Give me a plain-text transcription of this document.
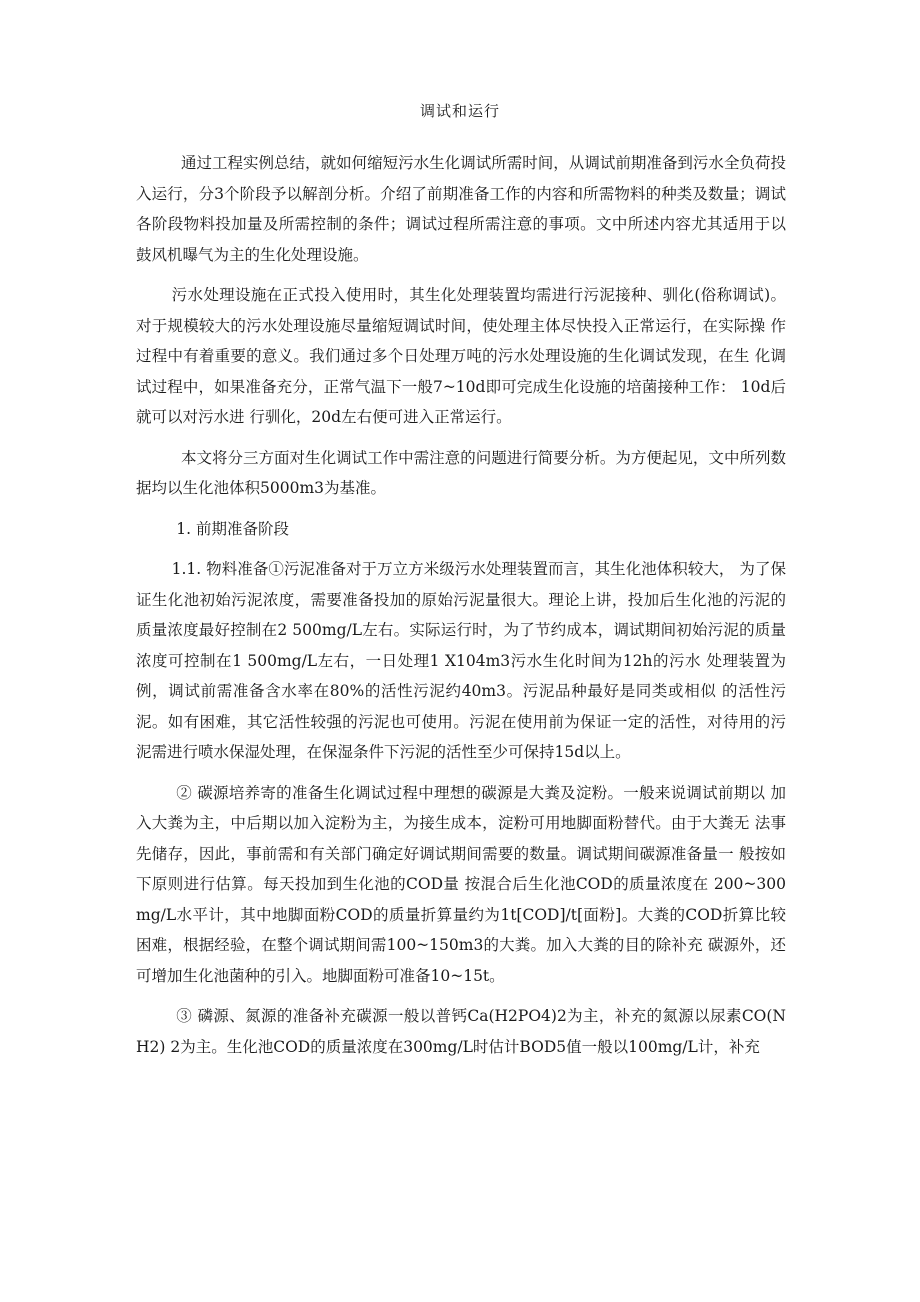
调试和运行

通过工程实例总结，就如何缩短污水生化调试所需时间，从调试前期准备到污水全负荷投入运行，分3个阶段予以解剖分析。介绍了前期准备工作的内容和所需物料的种类及数量；调试各阶段物料投加量及所需控制的条件；调试过程所需注意的事项。文中所述内容尤其适用于以鼓风机曝气为主的生化处理设施。

污水处理设施在正式投入使用时，其生化处理装置均需进行污泥接种、驯化(俗称调试)。 对于规模较大的污水处理设施尽量缩短调试时间，使处理主体尽快投入正常运行，在实际操 作过程中有着重要的意义。我们通过多个日处理万吨的污水处理设施的生化调试发现，在生 化调试过程中，如果准备充分，正常气温下一般7~10d即可完成生化设施的培菌接种工作： 10d后就可以对污水进 行驯化，20d左右便可进入正常运行。

本文将分三方面对生化调试工作中需注意的问题进行简要分析。为方便起见，文中所列数据均以生化池体积5000m3为基准。

1. 前期准备阶段

1.1. 物料准备①污泥准备对于万立方米级污水处理装置而言，其生化池体积较大， 为了保证生化池初始污泥浓度，需要准备投加的原始污泥量很大。理论上讲，投加后生化池的污泥的质量浓度最好控制在2 500mg/L左右。实际运行时，为了节约成本，调试期间初始污泥的质量浓度可控制在1 500mg/L左右，一日处理1 X104m3污水生化时间为12h的污水 处理装置为例，调试前需准备含水率在80%的活性污泥约40m3。污泥品种最好是同类或相似 的活性污泥。如有困难，其它活性较强的污泥也可使用。污泥在使用前为保证一定的活性，对待用的污泥需进行喷水保湿处理，在保湿条件下污泥的活性至少可保持15d以上。

② 碳源培养寄的准备生化调试过程中理想的碳源是大粪及淀粉。一般来说调试前期以 加入大粪为主，中后期以加入淀粉为主，为接生成本，淀粉可用地脚面粉替代。由于大粪无 法事先储存，因此，事前需和有关部门确定好调试期间需要的数量。调试期间碳源准备量一 般按如下原则进行估算。每天投加到生化池的COD量 按混合后生化池COD的质量浓度在 200~300mg/L水平计，其中地脚面粉COD的质量折算量约为1t[COD]/t[面粉]。大粪的COD折算比较困难，根据经验，在整个调试期间需100~150m3的大粪。加入大粪的目的除补充 碳源外，还可增加生化池菌种的引入。地脚面粉可准备10~15t。

③ 磷源、氮源的准备补充碳源一般以普钙Ca(H2PO4)2为主，补充的氮源以尿素CO(NH2) 2为主。生化池COD的质量浓度在300mg/L时估计BOD5值一般以100mg/L计，补充
